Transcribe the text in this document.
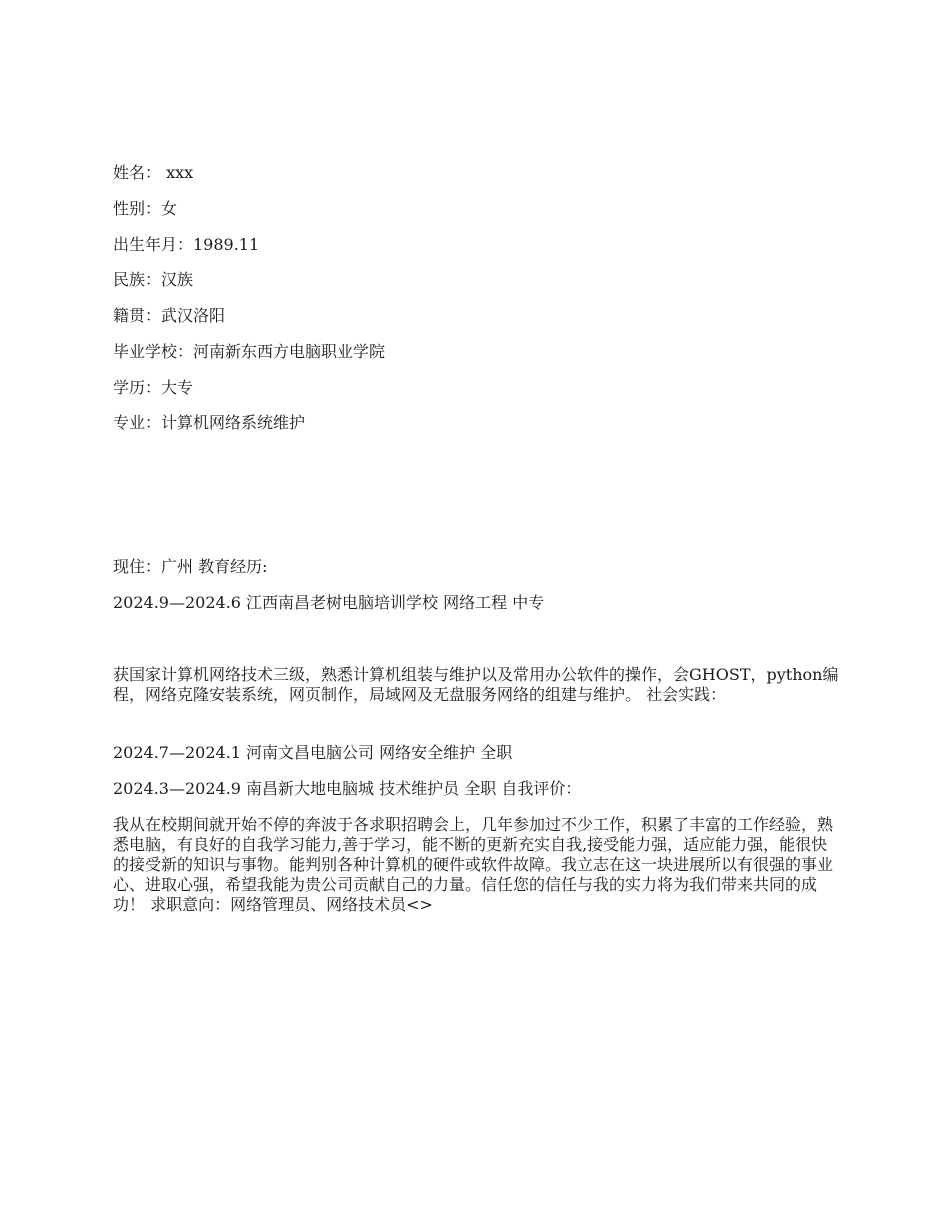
姓名： xxx
性别：女
出生年月：1989.11
民族：汉族
籍贯：武汉洛阳
毕业学校：河南新东西方电脑职业学院
学历：大专
专业：计算机网络系统维护
现住：广州 教育经历:
2024.9—2024.6 江西南昌老树电脑培训学校 网络工程 中专
获国家计算机网络技术三级，熟悉计算机组装与维护以及常用办公软件的操作，会GHOST，python编程，网络克隆安装系统，网页制作，局域网及无盘服务网络的组建与维护。 社会实践：
2024.7—2024.1 河南文昌电脑公司 网络安全维护 全职
2024.3—2024.9 南昌新大地电脑城 技术维护员 全职 自我评价：
我从在校期间就开始不停的奔波于各求职招聘会上，几年参加过不少工作，积累了丰富的工作经验，熟悉电脑，有良好的自我学习能力,善于学习，能不断的更新充实自我,接受能力强，适应能力强，能很快的接受新的知识与事物。能判别各种计算机的硬件或软件故障。我立志在这一块进展所以有很强的事业心、进取心强，希望我能为贵公司贡献自己的力量。信任您的信任与我的实力将为我们带来共同的成功！ 求职意向：网络管理员、网络技术员<>
